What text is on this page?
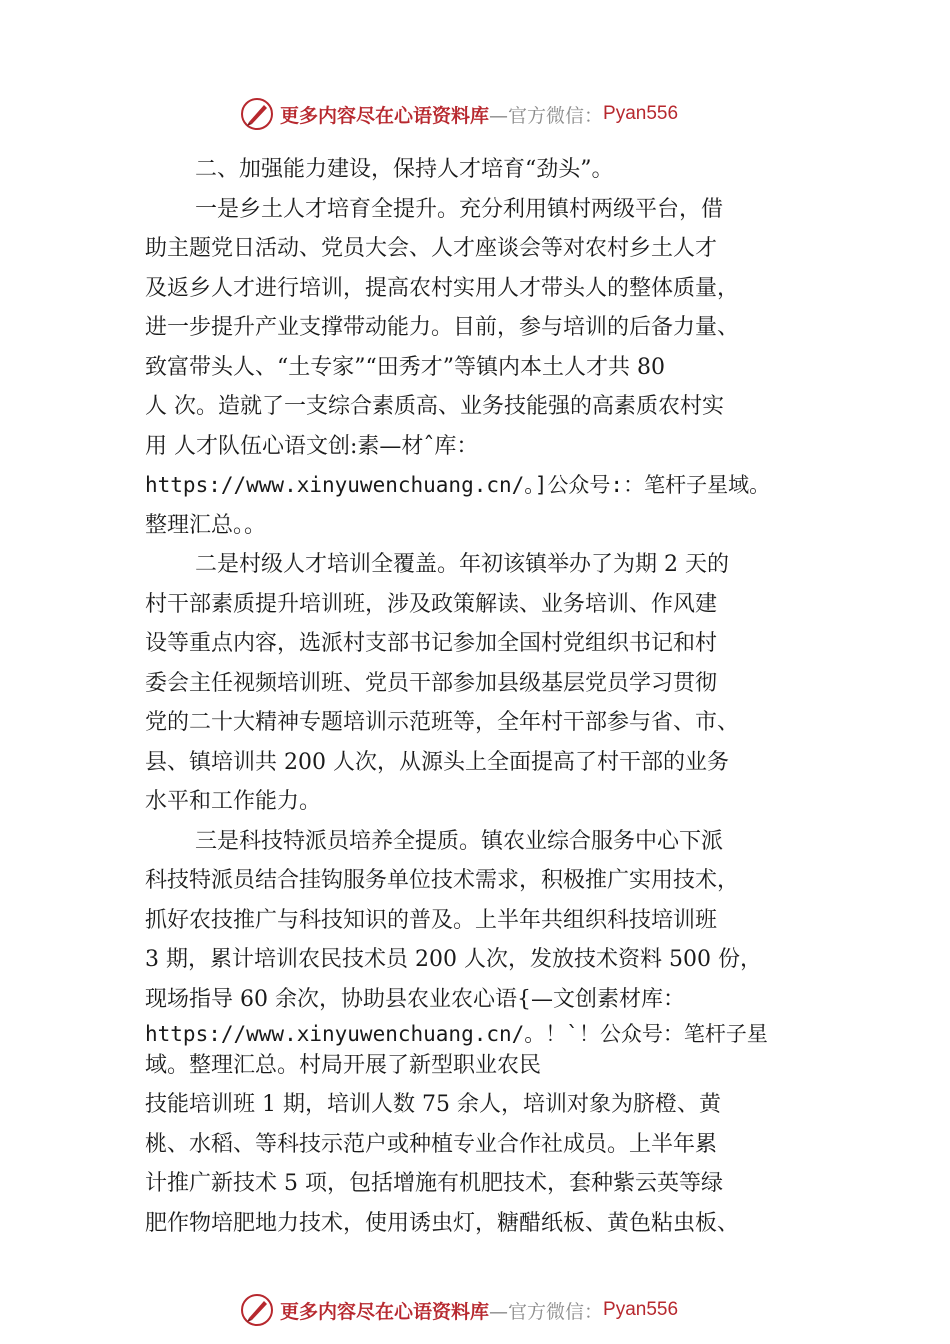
更多内容尽在心语资料库 —官方微信： Pyan556
二、加强能力建设，保持人才培育“劲头”。
一是乡土人才培育全提升。充分利用镇村两级平台，借
助主题党日活动、党员大会、人才座谈会等对农村乡土人才
及返乡人才进行培训，提高农村实用人才带头人的整体质量，
进一步提升产业支撑带动能力。目前，参与培训的后备力量、
致富带头人、“土专家”“田秀才”等镇内本土人才共 80
人 次。造就了一支综合素质高、业务技能强的高素质农村实
用 人才队伍心语文创:素—材ˆ库：
https://www.xinyuwenchuang.cn/。]公众号:：笔杆子星域。
整理汇总。。
二是村级人才培训全覆盖。年初该镇举办了为期 2 天的
村干部素质提升培训班，涉及政策解读、业务培训、作风建
设等重点内容，选派村支部书记参加全国村党组织书记和村
委会主任视频培训班、党员干部参加县级基层党员学习贯彻
党的二十大精神专题培训示范班等，全年村干部参与省、市、
县、镇培训共 200 人次，从源头上全面提高了村干部的业务
水平和工作能力。
三是科技特派员培养全提质。镇农业综合服务中心下派
科技特派员结合挂钩服务单位技术需求，积极推广实用技术，
抓好农技推广与科技知识的普及。上半年共组织科技培训班
3 期，累计培训农民技术员 200 人次，发放技术资料 500 份，
现场指导 60 余次，协助县农业农心语{—文创素材库：
https://www.xinyuwenchuang.cn/。！`！公众号：笔杆子星
域。整理汇总。村局开展了新型职业农民
技能培训班 1 期，培训人数 75 余人，培训对象为脐橙、黄
桃、水稻、等科技示范户或种植专业合作社成员。上半年累
计推广新技术 5 项，包括增施有机肥技术，套种紫云英等绿
肥作物培肥地力技术，使用诱虫灯，糖醋纸板、黄色粘虫板、
更多内容尽在心语资料库 —官方微信： Pyan556
